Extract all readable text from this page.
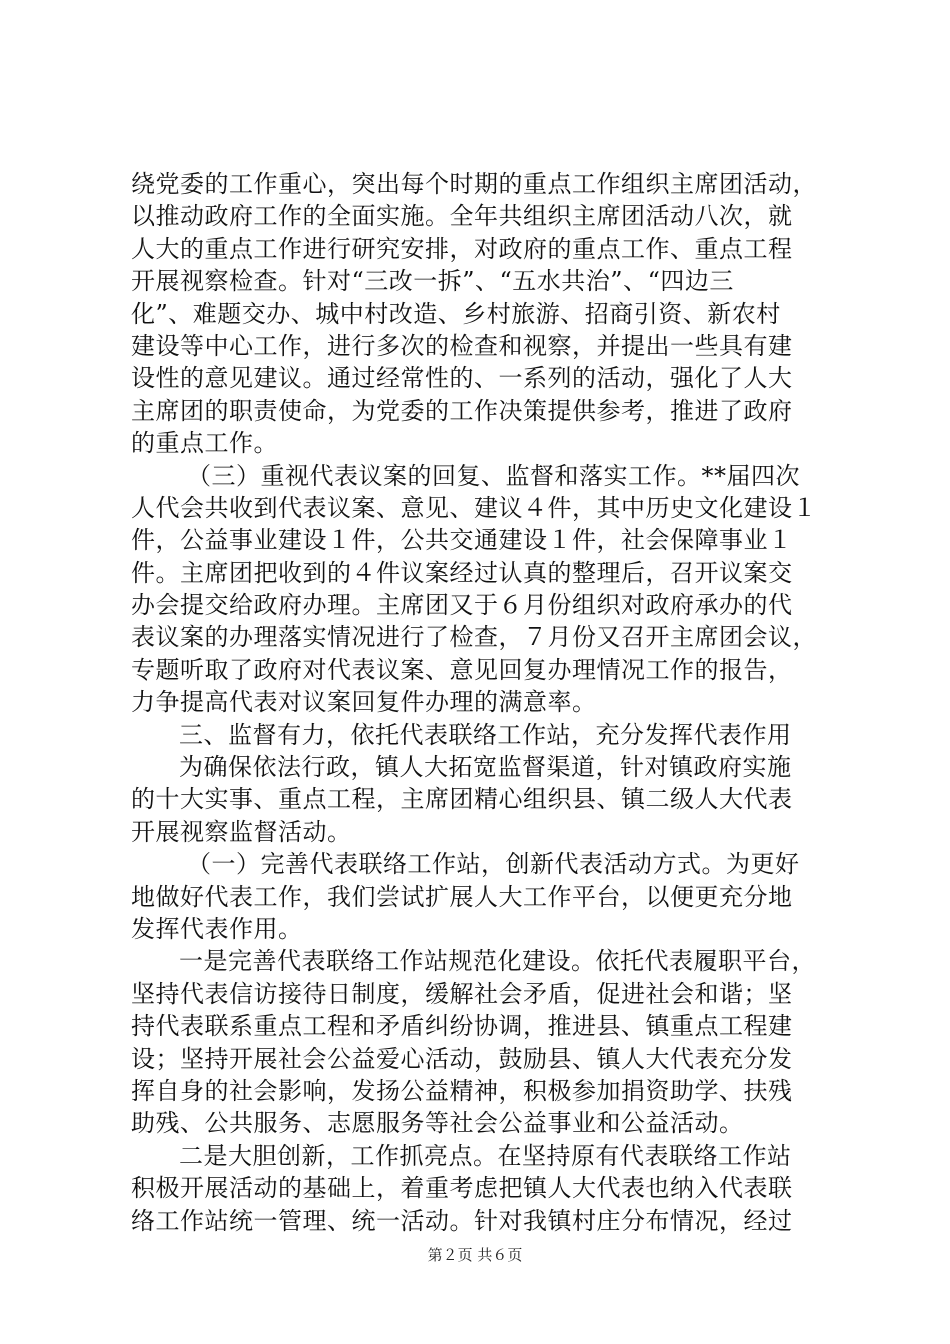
绕党委的工作重心，突出每个时期的重点工作组织主席团活动，
以推动政府工作的全面实施。全年共组织主席团活动八次，就
人大的重点工作进行研究安排，对政府的重点工作、重点工程
开展视察检查。针对“三改一拆”、“五水共治”、“四边三
化”、难题交办、城中村改造、乡村旅游、招商引资、新农村
建设等中心工作，进行多次的检查和视察，并提出一些具有建
设性的意见建议。通过经常性的、一系列的活动，强化了人大
主席团的职责使命，为党委的工作决策提供参考，推进了政府
的重点工作。
（三）重视代表议案的回复、监督和落实工作。**届四次
人代会共收到代表议案、意见、建议４件，其中历史文化建设１
件，公益事业建设１件，公共交通建设１件，社会保障事业１
件。主席团把收到的４件议案经过认真的整理后，召开议案交
办会提交给政府办理。主席团又于６月份组织对政府承办的代
表议案的办理落实情况进行了检查，７月份又召开主席团会议，
专题听取了政府对代表议案、意见回复办理情况工作的报告，
力争提高代表对议案回复件办理的满意率。
三、监督有力，依托代表联络工作站，充分发挥代表作用
为确保依法行政，镇人大拓宽监督渠道，针对镇政府实施
的十大实事、重点工程，主席团精心组织县、镇二级人大代表
开展视察监督活动。
（一）完善代表联络工作站，创新代表活动方式。为更好
地做好代表工作，我们尝试扩展人大工作平台，以便更充分地
发挥代表作用。
一是完善代表联络工作站规范化建设。依托代表履职平台，
坚持代表信访接待日制度，缓解社会矛盾，促进社会和谐；坚
持代表联系重点工程和矛盾纠纷协调，推进县、镇重点工程建
设；坚持开展社会公益爱心活动，鼓励县、镇人大代表充分发
挥自身的社会影响，发扬公益精神，积极参加捐资助学、扶残
助残、公共服务、志愿服务等社会公益事业和公益活动。
二是大胆创新，工作抓亮点。在坚持原有代表联络工作站
积极开展活动的基础上，着重考虑把镇人大代表也纳入代表联
络工作站统一管理、统一活动。针对我镇村庄分布情况，经过
第２页 共６页
